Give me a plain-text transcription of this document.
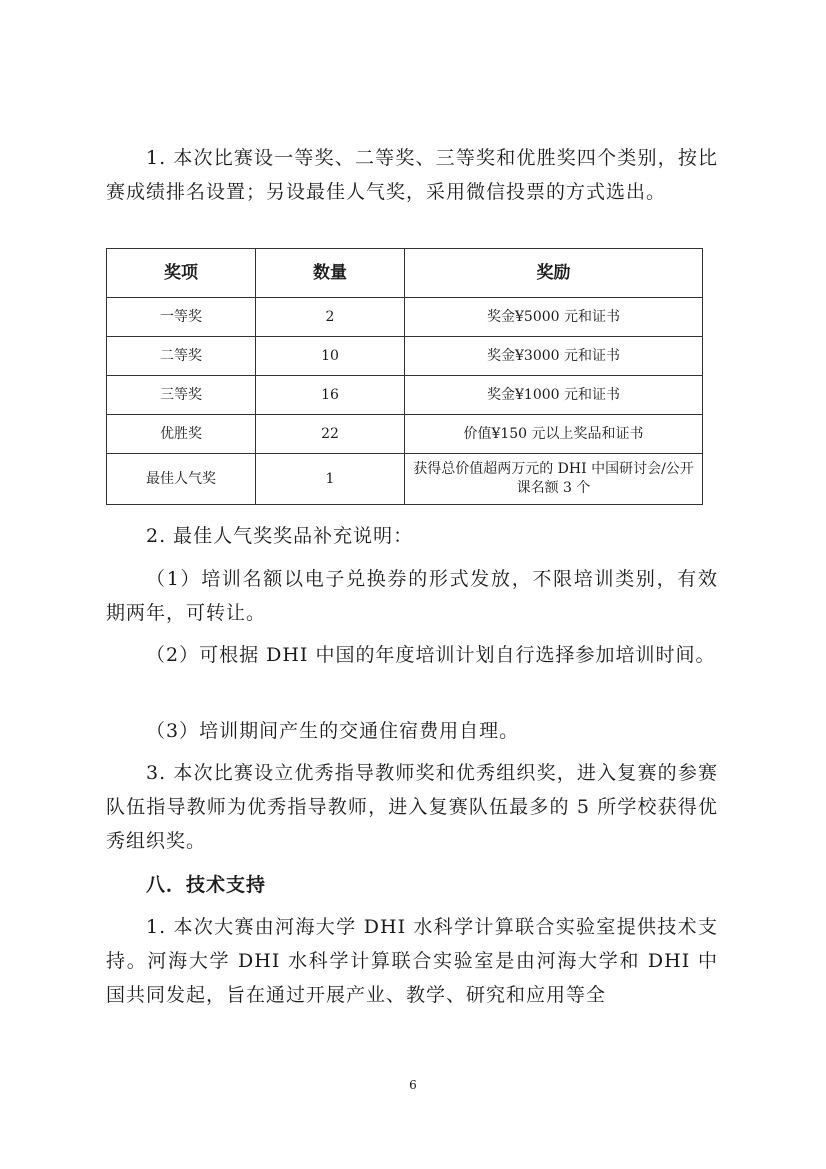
1. 本次比赛设一等奖、二等奖、三等奖和优胜奖四个类别，按比赛成绩排名设置；另设最佳人气奖，采用微信投票的方式选出。

奖项	数量	奖励
一等奖	2	奖金¥5000 元和证书
二等奖	10	奖金¥3000 元和证书
三等奖	16	奖金¥1000 元和证书
优胜奖	22	价值¥150 元以上奖品和证书
最佳人气奖	1	获得总价值超两万元的 DHI 中国研讨会/公开课名额 3 个

2. 最佳人气奖奖品补充说明：

（1）培训名额以电子兑换券的形式发放，不限培训类别，有效期两年，可转让。

（2）可根据 DHI 中国的年度培训计划自行选择参加培训时间。

（3）培训期间产生的交通住宿费用自理。

3. 本次比赛设立优秀指导教师奖和优秀组织奖，进入复赛的参赛队伍指导教师为优秀指导教师，进入复赛队伍最多的 5 所学校获得优秀组织奖。

八．技术支持

1. 本次大赛由河海大学 DHI 水科学计算联合实验室提供技术支持。河海大学 DHI 水科学计算联合实验室是由河海大学和 DHI 中国共同发起，旨在通过开展产业、教学、研究和应用等全

6
